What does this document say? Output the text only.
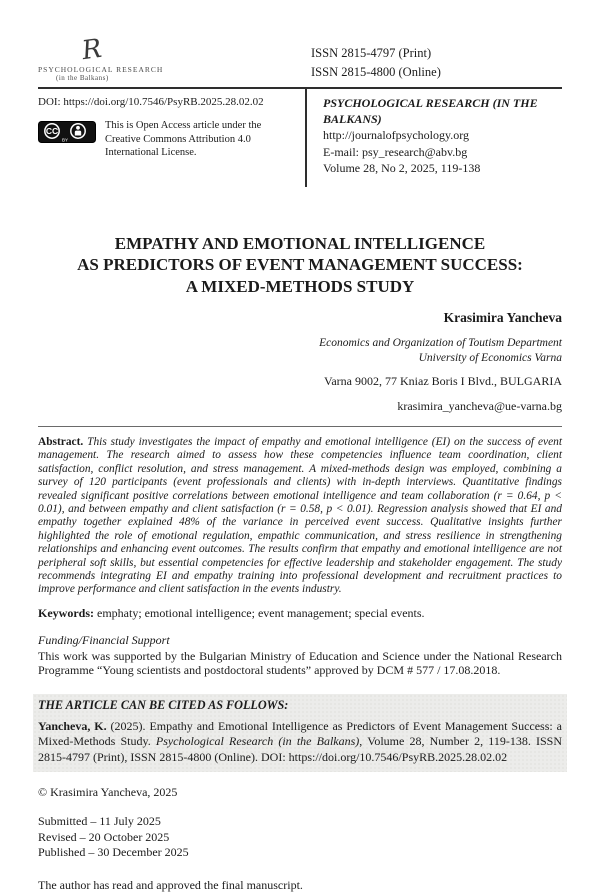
R
PSYCHOLOGICAL RESEARCH
(in the Balkans)
ISSN 2815-4797 (Print)
ISSN 2815-4800 (Online)
DOI: https://doi.org/10.7546/PsyRB.2025.28.02.02
CC
BY
This is Open Access article under the Creative Commons Attribution 4.0 International License.
PSYCHOLOGICAL RESEARCH (IN THE BALKANS)
http://journalofpsychology.org
E-mail: psy_research@abv.bg
Volume 28, No 2, 2025, 119-138
EMPATHY AND EMOTIONAL INTELLIGENCE
AS PREDICTORS OF EVENT MANAGEMENT SUCCESS:
A MIXED-METHODS STUDY
Krasimira Yancheva
Economics and Organization of Toutism Department
University of Economics Varna
Varna 9002, 77 Kniaz Boris I Blvd., BULGARIA
krasimira_yancheva@ue-varna.bg

Abstract. This study investigates the impact of empathy and emotional intelligence (EI) on the success of event management. The research aimed to assess how these competencies influence team coordination, client satisfaction, conflict resolution, and stress management. A mixed-methods design was employed, combining a survey of 120 participants (event professionals and clients) with in-depth interviews. Quantitative findings revealed significant positive correlations between emotional intelligence and team collaboration (r = 0.64, p < 0.01), and between empathy and client satisfaction (r = 0.58, p < 0.01). Regression analysis showed that EI and empathy together explained 48% of the variance in perceived event success. Qualitative insights further highlighted the role of emotional regulation, empathic communication, and stress resilience in strengthening relationships and enhancing event outcomes. The results confirm that empathy and emotional intelligence are not peripheral soft skills, but essential competencies for effective leadership and stakeholder engagement. The study recommends integrating EI and empathy training into professional development and recruitment practices to improve performance and client satisfaction in the events industry.

Keywords: emphaty; emotional intelligence; event management; special events.

Funding/Financial Support

This work was supported by the Bulgarian Ministry of Education and Science under the National Research Programme “Young scientists and postdoctoral students” approved by DCM # 577 / 17.08.2018.

THE ARTICLE CAN BE CITED AS FOLLOWS:

Yancheva, K. (2025). Empathy and Emotional Intelligence as Predictors of Event Management Success: a Mixed-Methods Study. Psychological Research (in the Balkans), Volume 28, Number 2, 119-138. ISSN 2815-4797 (Print), ISSN 2815-4800 (Online). DOI: https://doi.org/10.7546/PsyRB.2025.28.02.02

© Krasimira Yancheva, 2025
Submitted – 11 July 2025
Revised – 20 October 2025
Published – 30 December 2025
The author has read and approved the final manuscript.
